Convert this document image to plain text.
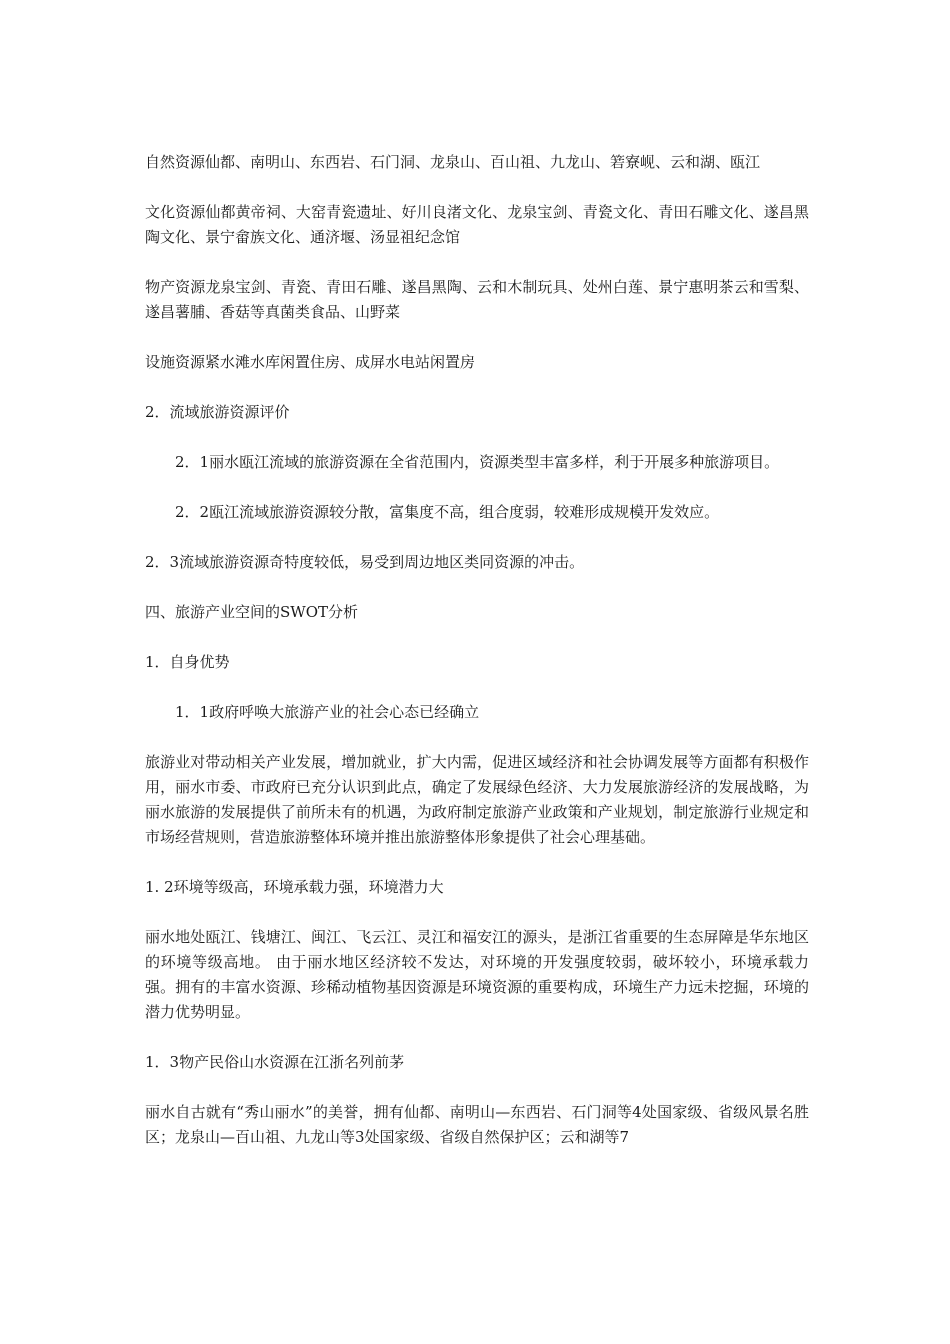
自然资源仙都、南明山、东西岩、石门洞、龙泉山、百山祖、九龙山、箬寮岘、云和湖、瓯江

文化资源仙都黄帝祠、大窑青瓷遗址、好川良渚文化、龙泉宝剑、青瓷文化、青田石雕文化、遂昌黑陶文化、景宁畲族文化、通济堰、汤显祖纪念馆

物产资源龙泉宝剑、青瓷、青田石雕、遂昌黑陶、云和木制玩具、处州白莲、景宁惠明茶云和雪梨、遂昌薯脯、香菇等真菌类食品、山野菜

设施资源紧水滩水库闲置住房、成屏水电站闲置房

2．流域旅游资源评价

2．1丽水瓯江流域的旅游资源在全省范围内，资源类型丰富多样，利于开展多种旅游项目。

2．2瓯江流域旅游资源较分散，富集度不高，组合度弱，较难形成规模开发效应。

2．3流域旅游资源奇特度较低，易受到周边地区类同资源的冲击。

四、旅游产业空间的SWOT分析

1．自身优势

1．1政府呼唤大旅游产业的社会心态已经确立

旅游业对带动相关产业发展，增加就业，扩大内需，促进区域经济和社会协调发展等方面都有积极作用，丽水市委、市政府已充分认识到此点，确定了发展绿色经济、大力发展旅游经济的发展战略，为丽水旅游的发展提供了前所未有的机遇，为政府制定旅游产业政策和产业规划，制定旅游行业规定和市场经营规则，营造旅游整体环境并推出旅游整体形象提供了社会心理基础。

1. 2环境等级高，环境承载力强，环境潜力大

丽水地处瓯江、钱塘江、闽江、飞云江、灵江和福安江的源头，是浙江省重要的生态屏障是华东地区的环境等级高地。 由于丽水地区经济较不发达，对环境的开发强度较弱，破坏较小，环境承载力强。拥有的丰富水资源、珍稀动植物基因资源是环境资源的重要构成，环境生产力远未挖掘，环境的潜力优势明显。

1．3物产民俗山水资源在江浙名列前茅

丽水自古就有“秀山丽水”的美誉，拥有仙都、南明山—东西岩、石门洞等4处国家级、省级风景名胜区；龙泉山—百山祖、九龙山等3处国家级、省级自然保护区；云和湖等7
